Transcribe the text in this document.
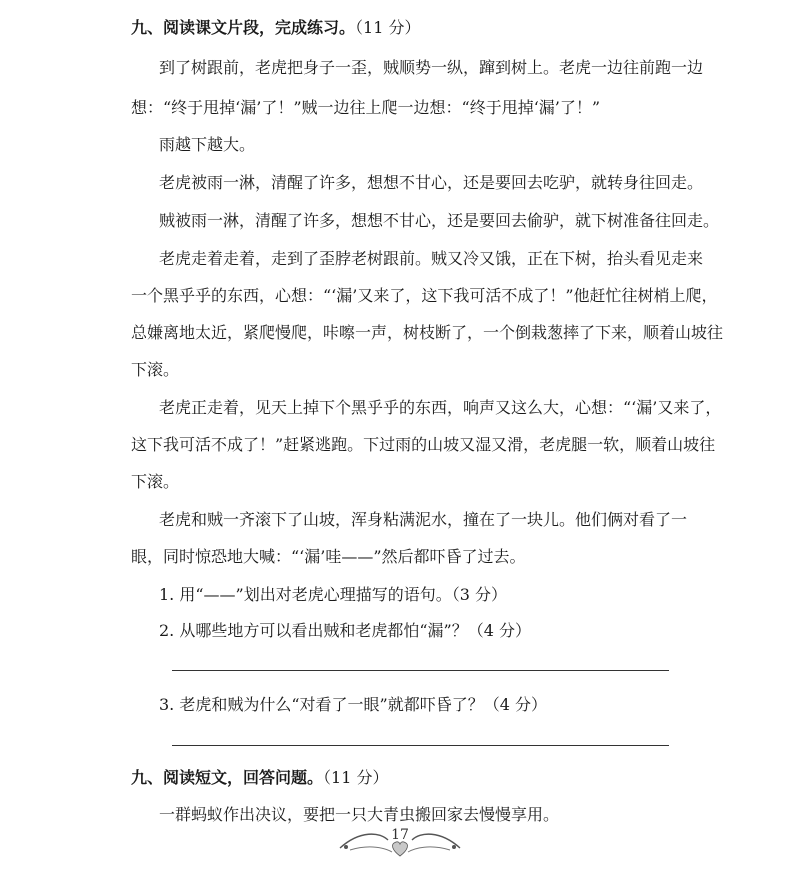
九、阅读课文片段，完成练习。（11 分）
到了树跟前，老虎把身子一歪，贼顺势一纵，蹿到树上。老虎一边往前跑一边
想：“终于甩掉‘漏’了！”贼一边往上爬一边想：“终于甩掉‘漏’了！”
雨越下越大。
老虎被雨一淋，清醒了许多，想想不甘心，还是要回去吃驴，就转身往回走。
贼被雨一淋，清醒了许多，想想不甘心，还是要回去偷驴，就下树准备往回走。
老虎走着走着，走到了歪脖老树跟前。贼又冷又饿，正在下树，抬头看见走来
一个黑乎乎的东西，心想：“‘漏’又来了，这下我可活不成了！”他赶忙往树梢上爬，
总嫌离地太近，紧爬慢爬，咔嚓一声，树枝断了，一个倒栽葱摔了下来，顺着山坡往
下滚。
老虎正走着，见天上掉下个黑乎乎的东西，响声又这么大，心想：“‘漏’又来了，
这下我可活不成了！”赶紧逃跑。下过雨的山坡又湿又滑，老虎腿一软，顺着山坡往
下滚。
老虎和贼一齐滚下了山坡，浑身粘满泥水，撞在了一块儿。他们俩对看了一
眼，同时惊恐地大喊：“‘漏’哇——”然后都吓昏了过去。
1. 用“——”划出对老虎心理描写的语句。（3 分）
2. 从哪些地方可以看出贼和老虎都怕“漏”？（4 分）
3. 老虎和贼为什么“对看了一眼”就都吓昏了？（4 分）
九、阅读短文，回答问题。（11 分）
一群蚂蚁作出决议，要把一只大青虫搬回家去慢慢享用。
17
